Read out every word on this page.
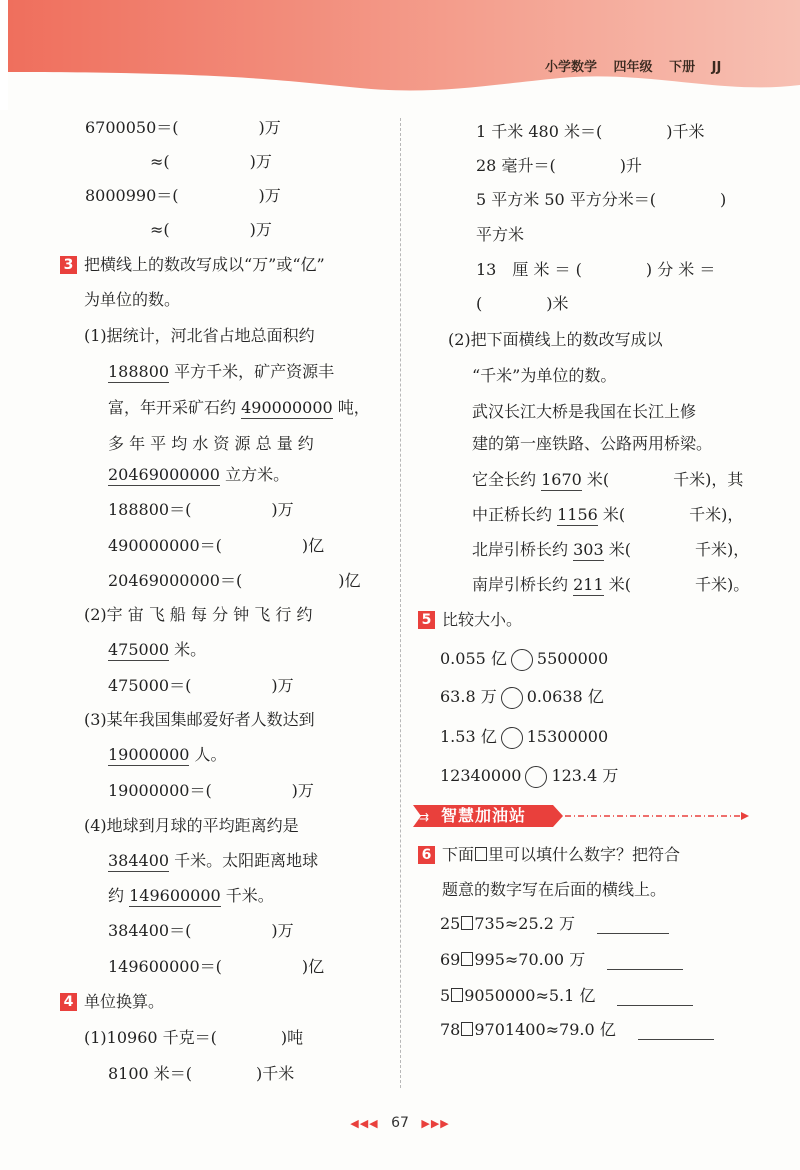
小学数学 四年级 下册 JJ
6700050＝(　　　　　)万
≈(　　　　　)万
8000990＝(　　　　　)万
≈(　　　　　)万
3 把横线上的数改写成以“万”或“亿”
为单位的数。
(1)据统计，河北省占地总面积约
188800 平方千米，矿产资源丰
富，年开采矿石约 490000000 吨，
多 年 平 均 水 资 源 总 量 约
20469000000 立方米。
188800＝(　　　　　)万
490000000＝(　　　　　)亿
20469000000＝(　　　　　　)亿
(2)宇 宙 飞 船 每 分 钟 飞 行 约
475000 米。
475000＝(　　　　　)万
(3)某年我国集邮爱好者人数达到
19000000 人。
19000000＝(　　　　　)万
(4)地球到月球的平均距离约是
384400 千米。太阳距离地球
约 149600000 千米。
384400＝(　　　　　)万
149600000＝(　　　　　)亿
4 单位换算。
(1)10960 千克＝(　　　　)吨
8100 米＝(　　　　)千米
1 千米 480 米＝(　　　　)千米
28 毫升＝(　　　　)升
5 平方米 50 平方分米＝(　　　　)
平方米
13　厘 米 ＝ (　　　　) 分 米 ＝
(　　　　)米
(2)把下面横线上的数改写成以
“千米”为单位的数。
武汉长江大桥是我国在长江上修
建的第一座铁路、公路两用桥梁。
它全长约 1670 米(　　　　千米)，其
中正桥长约 1156 米(　　　　千米)，
北岸引桥长约 303 米(　　　　千米)，
南岸引桥长约 211 米(　　　　千米)。
5 比较大小。
0.055 亿 5500000
63.8 万 0.0638 亿
1.53 亿 15300000
12340000 123.4 万
⇉ 智慧加油站
6 下面 里可以填什么数字？把符合
题意的数字写在后面的横线上。
25 735≈25.2 万
69 995≈70.00 万
5 9050000≈5.1 亿
78 9701400≈79.0 亿
◀◀◀ 67 ▶▶▶
